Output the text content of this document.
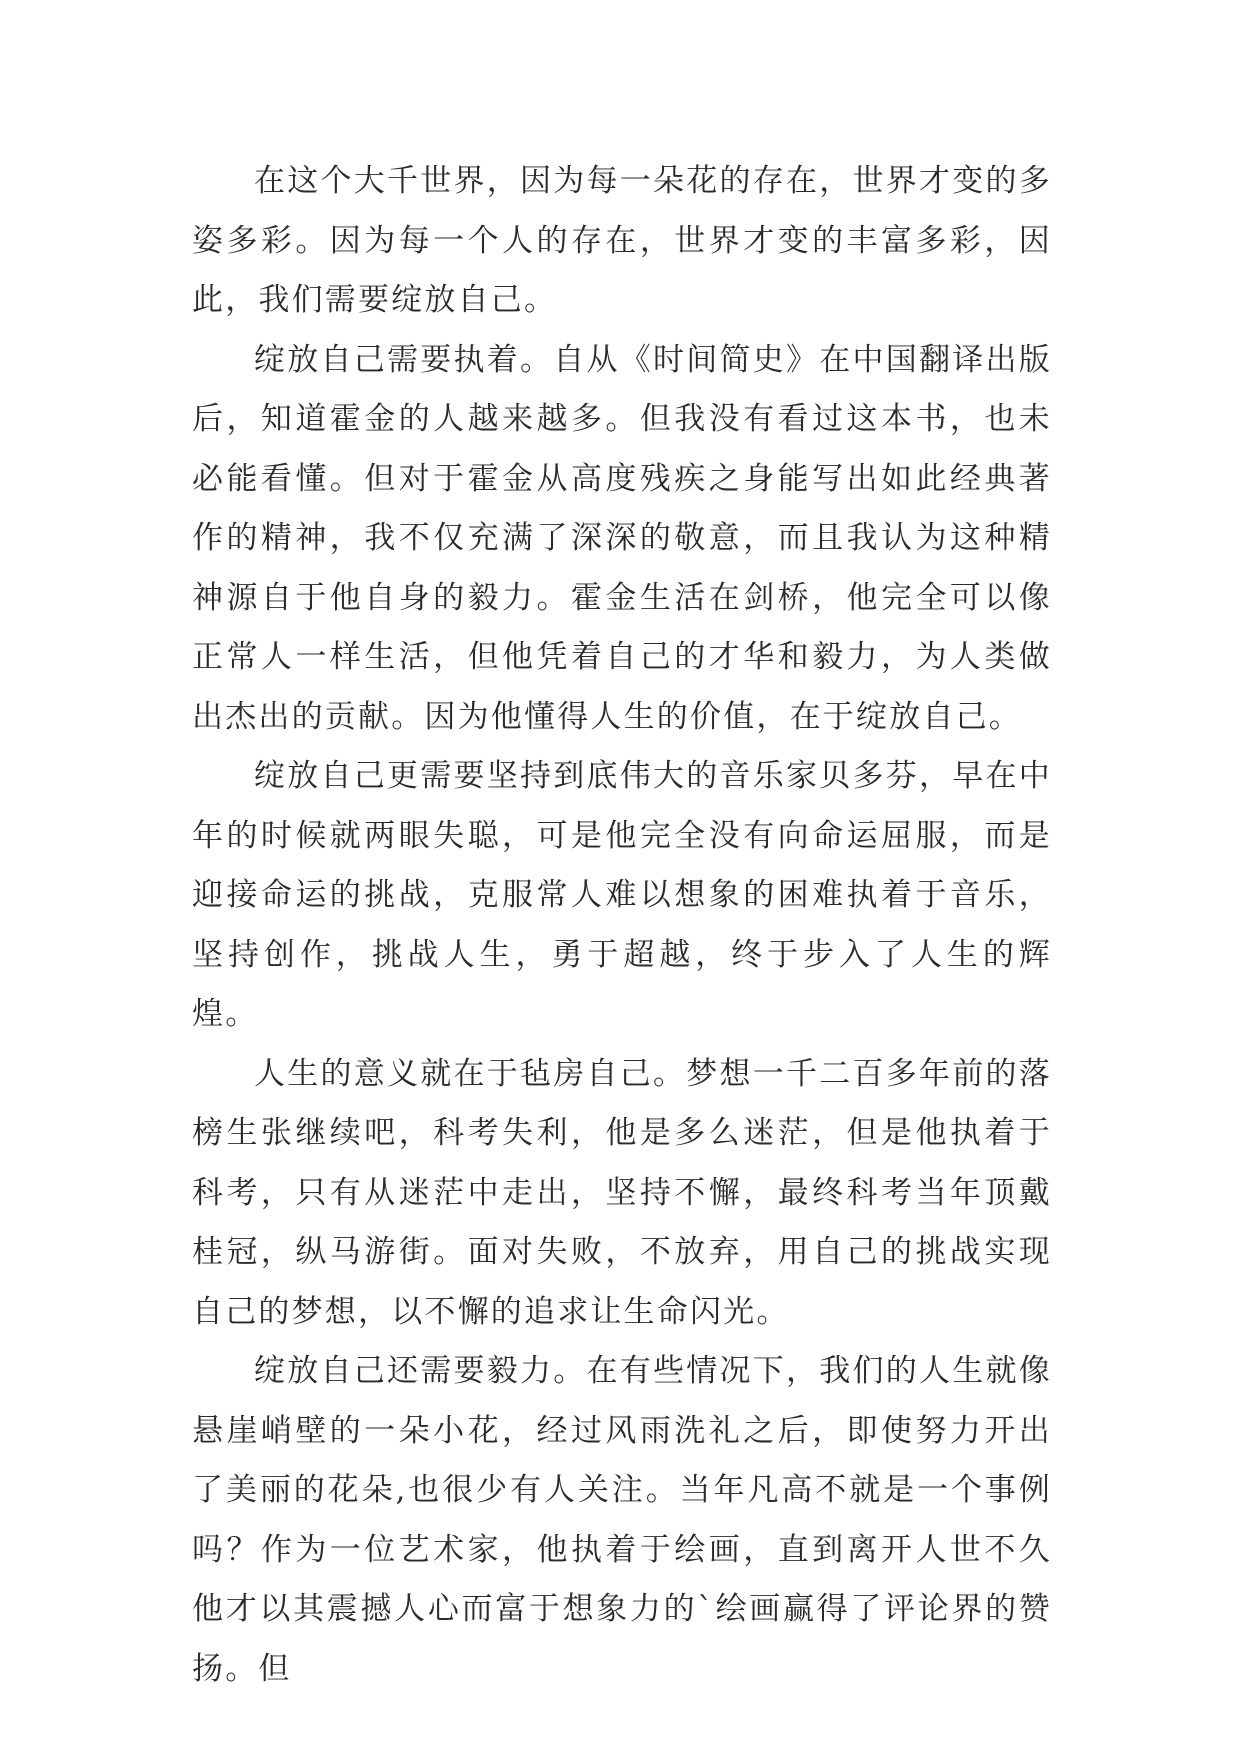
在这个大千世界，因为每一朵花的存在，世界才变的多姿多彩。因为每一个人的存在，世界才变的丰富多彩，因此，我们需要绽放自己。

绽放自己需要执着。自从《时间简史》在中国翻译出版后，知道霍金的人越来越多。但我没有看过这本书，也未必能看懂。但对于霍金从高度残疾之身能写出如此经典著作的精神，我不仅充满了深深的敬意，而且我认为这种精神源自于他自身的毅力。霍金生活在剑桥，他完全可以像正常人一样生活，但他凭着自己的才华和毅力，为人类做出杰出的贡献。因为他懂得人生的价值，在于绽放自己。

绽放自己更需要坚持到底伟大的音乐家贝多芬，早在中年的时候就两眼失聪，可是他完全没有向命运屈服，而是迎接命运的挑战，克服常人难以想象的困难执着于音乐，坚持创作，挑战人生，勇于超越，终于步入了人生的辉煌。

人生的意义就在于毡房自己。梦想一千二百多年前的落榜生张继续吧，科考失利，他是多么迷茫，但是他执着于科考，只有从迷茫中走出，坚持不懈，最终科考当年顶戴桂冠，纵马游街。面对失败，不放弃，用自己的挑战实现自己的梦想，以不懈的追求让生命闪光。

绽放自己还需要毅力。在有些情况下，我们的人生就像悬崖峭壁的一朵小花，经过风雨洗礼之后，即使努力开出了美丽的花朵,也很少有人关注。当年凡高不就是一个事例吗？作为一位艺术家，他执着于绘画，直到离开人世不久他才以其震撼人心而富于想象力的`绘画赢得了评论界的赞扬。但
